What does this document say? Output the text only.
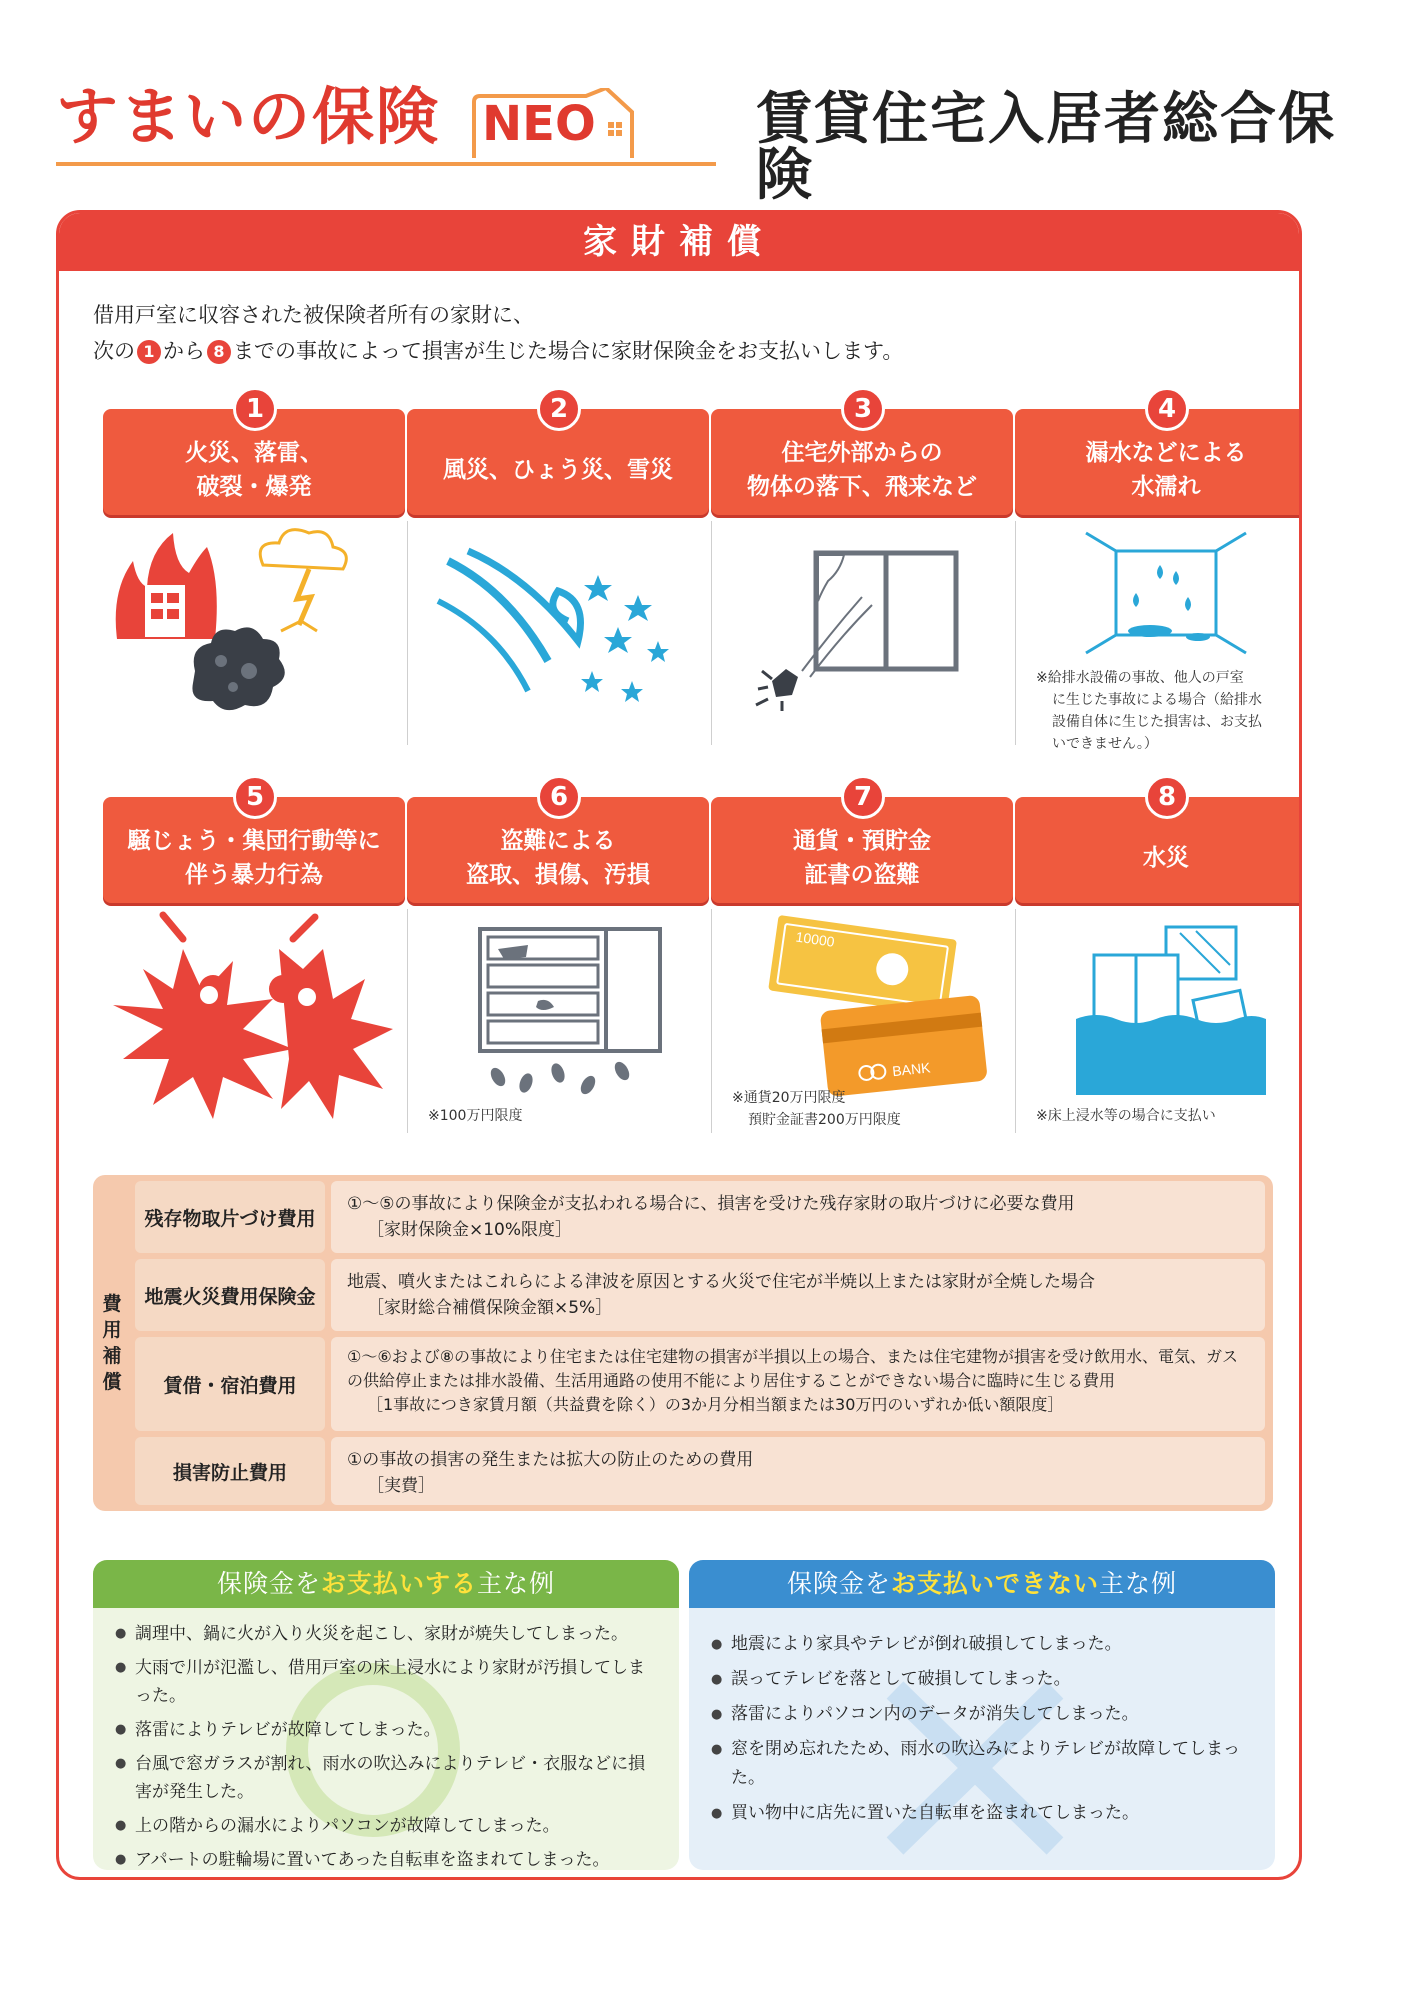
すまいの保険 NEO	賃貸住宅入居者総合保険
家財補償
借用戸室に収容された被保険者所有の家財に、
次の 1 から 8 までの事故によって損害が生じた場合に家財保険金をお支払いします。
1
火災、落雷、
破裂・爆発
2
風災、ひょう災、雪災
3
住宅外部からの
物体の落下、飛来など
4
漏水などによる
水濡れ
※給排水設備の事故、他人の戸室
に生じた事故による場合（給排水
設備自体に生じた損害は、お支払
いできません。）
5
騒じょう・集団行動等に
伴う暴力行為
6
盗難による
盗取、損傷、汚損
※100万円限度
7
通貨・預貯金
証書の盗難
10000
BANK
※通貨20万円限度
預貯金証書200万円限度
8
水災
※床上浸水等の場合に支払い
費
用
補
償
残存物取片づけ費用
①～⑤の事故により保険金が支払われる場合に、損害を受けた残存家財の取片づけに必要な費用
［家財保険金×10%限度］
地震火災費用保険金
地震、噴火またはこれらによる津波を原因とする火災で住宅が半焼以上または家財が全焼した場合
［家財総合補償保険金額×5%］
賃借・宿泊費用
①～⑥および⑧の事故により住宅または住宅建物の損害が半損以上の場合、または住宅建物が損害を受け飲用水、電気、ガスの供給停止または排水設備、生活用通路の使用不能により居住することができない場合に臨時に生じる費用
［1事故につき家賃月額（共益費を除く）の3か月分相当額または30万円のいずれか低い額限度］
損害防止費用
①の事故の損害の発生または拡大の防止のための費用
［実費］
保険金をお支払いする主な例
● 調理中、鍋に火が入り火災を起こし、家財が焼失してしまった。
● 大雨で川が氾濫し、借用戸室の床上浸水により家財が汚損してしまった。
● 落雷によりテレビが故障してしまった。
● 台風で窓ガラスが割れ、雨水の吹込みによりテレビ・衣服などに損害が発生した。
● 上の階からの漏水によりパソコンが故障してしまった。
● アパートの駐輪場に置いてあった自転車を盗まれてしまった。
保険金をお支払いできない主な例
● 地震により家具やテレビが倒れ破損してしまった。
● 誤ってテレビを落として破損してしまった。
● 落雷によりパソコン内のデータが消失してしまった。
● 窓を閉め忘れたため、雨水の吹込みによりテレビが故障してしまった。
● 買い物中に店先に置いた自転車を盗まれてしまった。
